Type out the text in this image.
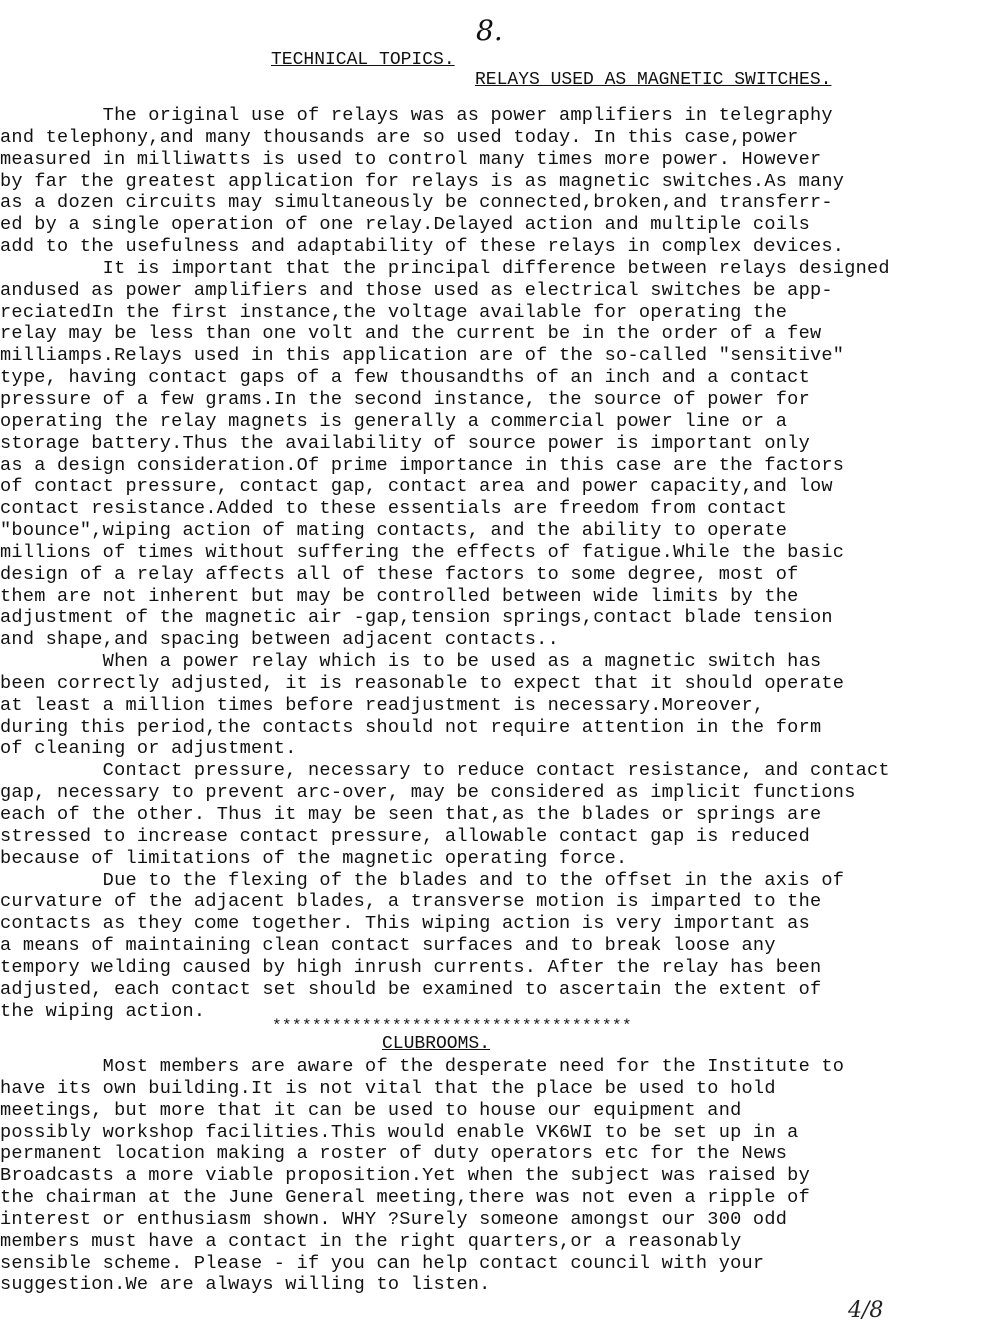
8.
TECHNICAL TOPICS.
RELAYS USED AS MAGNETIC SWITCHES.
The original use of relays was as power amplifiers in telegraphy
and telephony,and many thousands are so used today. In this case,power
measured in milliwatts is used to control many times more power. However
by far the greatest application for relays is as magnetic switches.As many
as a dozen circuits may simultaneously be connected,broken,and transferr-
ed by a single operation of one relay.Delayed action and multiple coils
add to the usefulness and adaptability of these relays in complex devices.
It is important that the principal difference between relays designed
andused as power amplifiers and those used as electrical switches be app-
reciatedIn the first instance,the voltage available for operating the
relay may be less than one volt and the current be in the order of a few
milliamps.Relays used in this application are of the so-called "sensitive"
type, having contact gaps of a few thousandths of an inch and a contact
pressure of a few grams.In the second instance, the source of power for
operating the relay magnets is generally a commercial power line or a
storage battery.Thus the availability of source power is important only
as a design consideration.Of prime importance in this case are the factors
of contact pressure, contact gap, contact area and power capacity,and low
contact resistance.Added to these essentials are freedom from contact
"bounce",wiping action of mating contacts, and the ability to operate
millions of times without suffering the effects of fatigue.While the basic
design of a relay affects all of these factors to some degree, most of
them are not inherent but may be controlled between wide limits by the
adjustment of the magnetic air -gap,tension springs,contact blade tension
and shape,and spacing between adjacent contacts..
When a power relay which is to be used as a magnetic switch has
been correctly adjusted, it is reasonable to expect that it should operate
at least a million times before readjustment is necessary.Moreover,
during this period,the contacts should not require attention in the form
of cleaning or adjustment.
Contact pressure, necessary to reduce contact resistance, and contact
gap, necessary to prevent arc-over, may be considered as implicit functions
each of the other. Thus it may be seen that,as the blades or springs are
stressed to increase contact pressure, allowable contact gap is reduced
because of limitations of the magnetic operating force.
Due to the flexing of the blades and to the offset in the axis of
curvature of the adjacent blades, a transverse motion is imparted to the
contacts as they come together. This wiping action is very important as
a means of maintaining clean contact surfaces and to break loose any
tempory welding caused by high inrush currents. After the relay has been
adjusted, each contact set should be examined to ascertain the extent of
the wiping action.
************************************
CLUBROOMS.
Most members are aware of the desperate need for the Institute to
have its own building.It is not vital that the place be used to hold
meetings, but more that it can be used to house our equipment and
possibly workshop facilities.This would enable VK6WI to be set up in a
permanent location making a roster of duty operators etc for the News
Broadcasts a more viable proposition.Yet when the subject was raised by
the chairman at the June General meeting,there was not even a ripple of
interest or enthusiasm shown. WHY ?Surely someone amongst our 300 odd
members must have a contact in the right quarters,or a reasonably
sensible scheme. Please - if you can help contact council with your
suggestion.We are always willing to listen.
4/8
